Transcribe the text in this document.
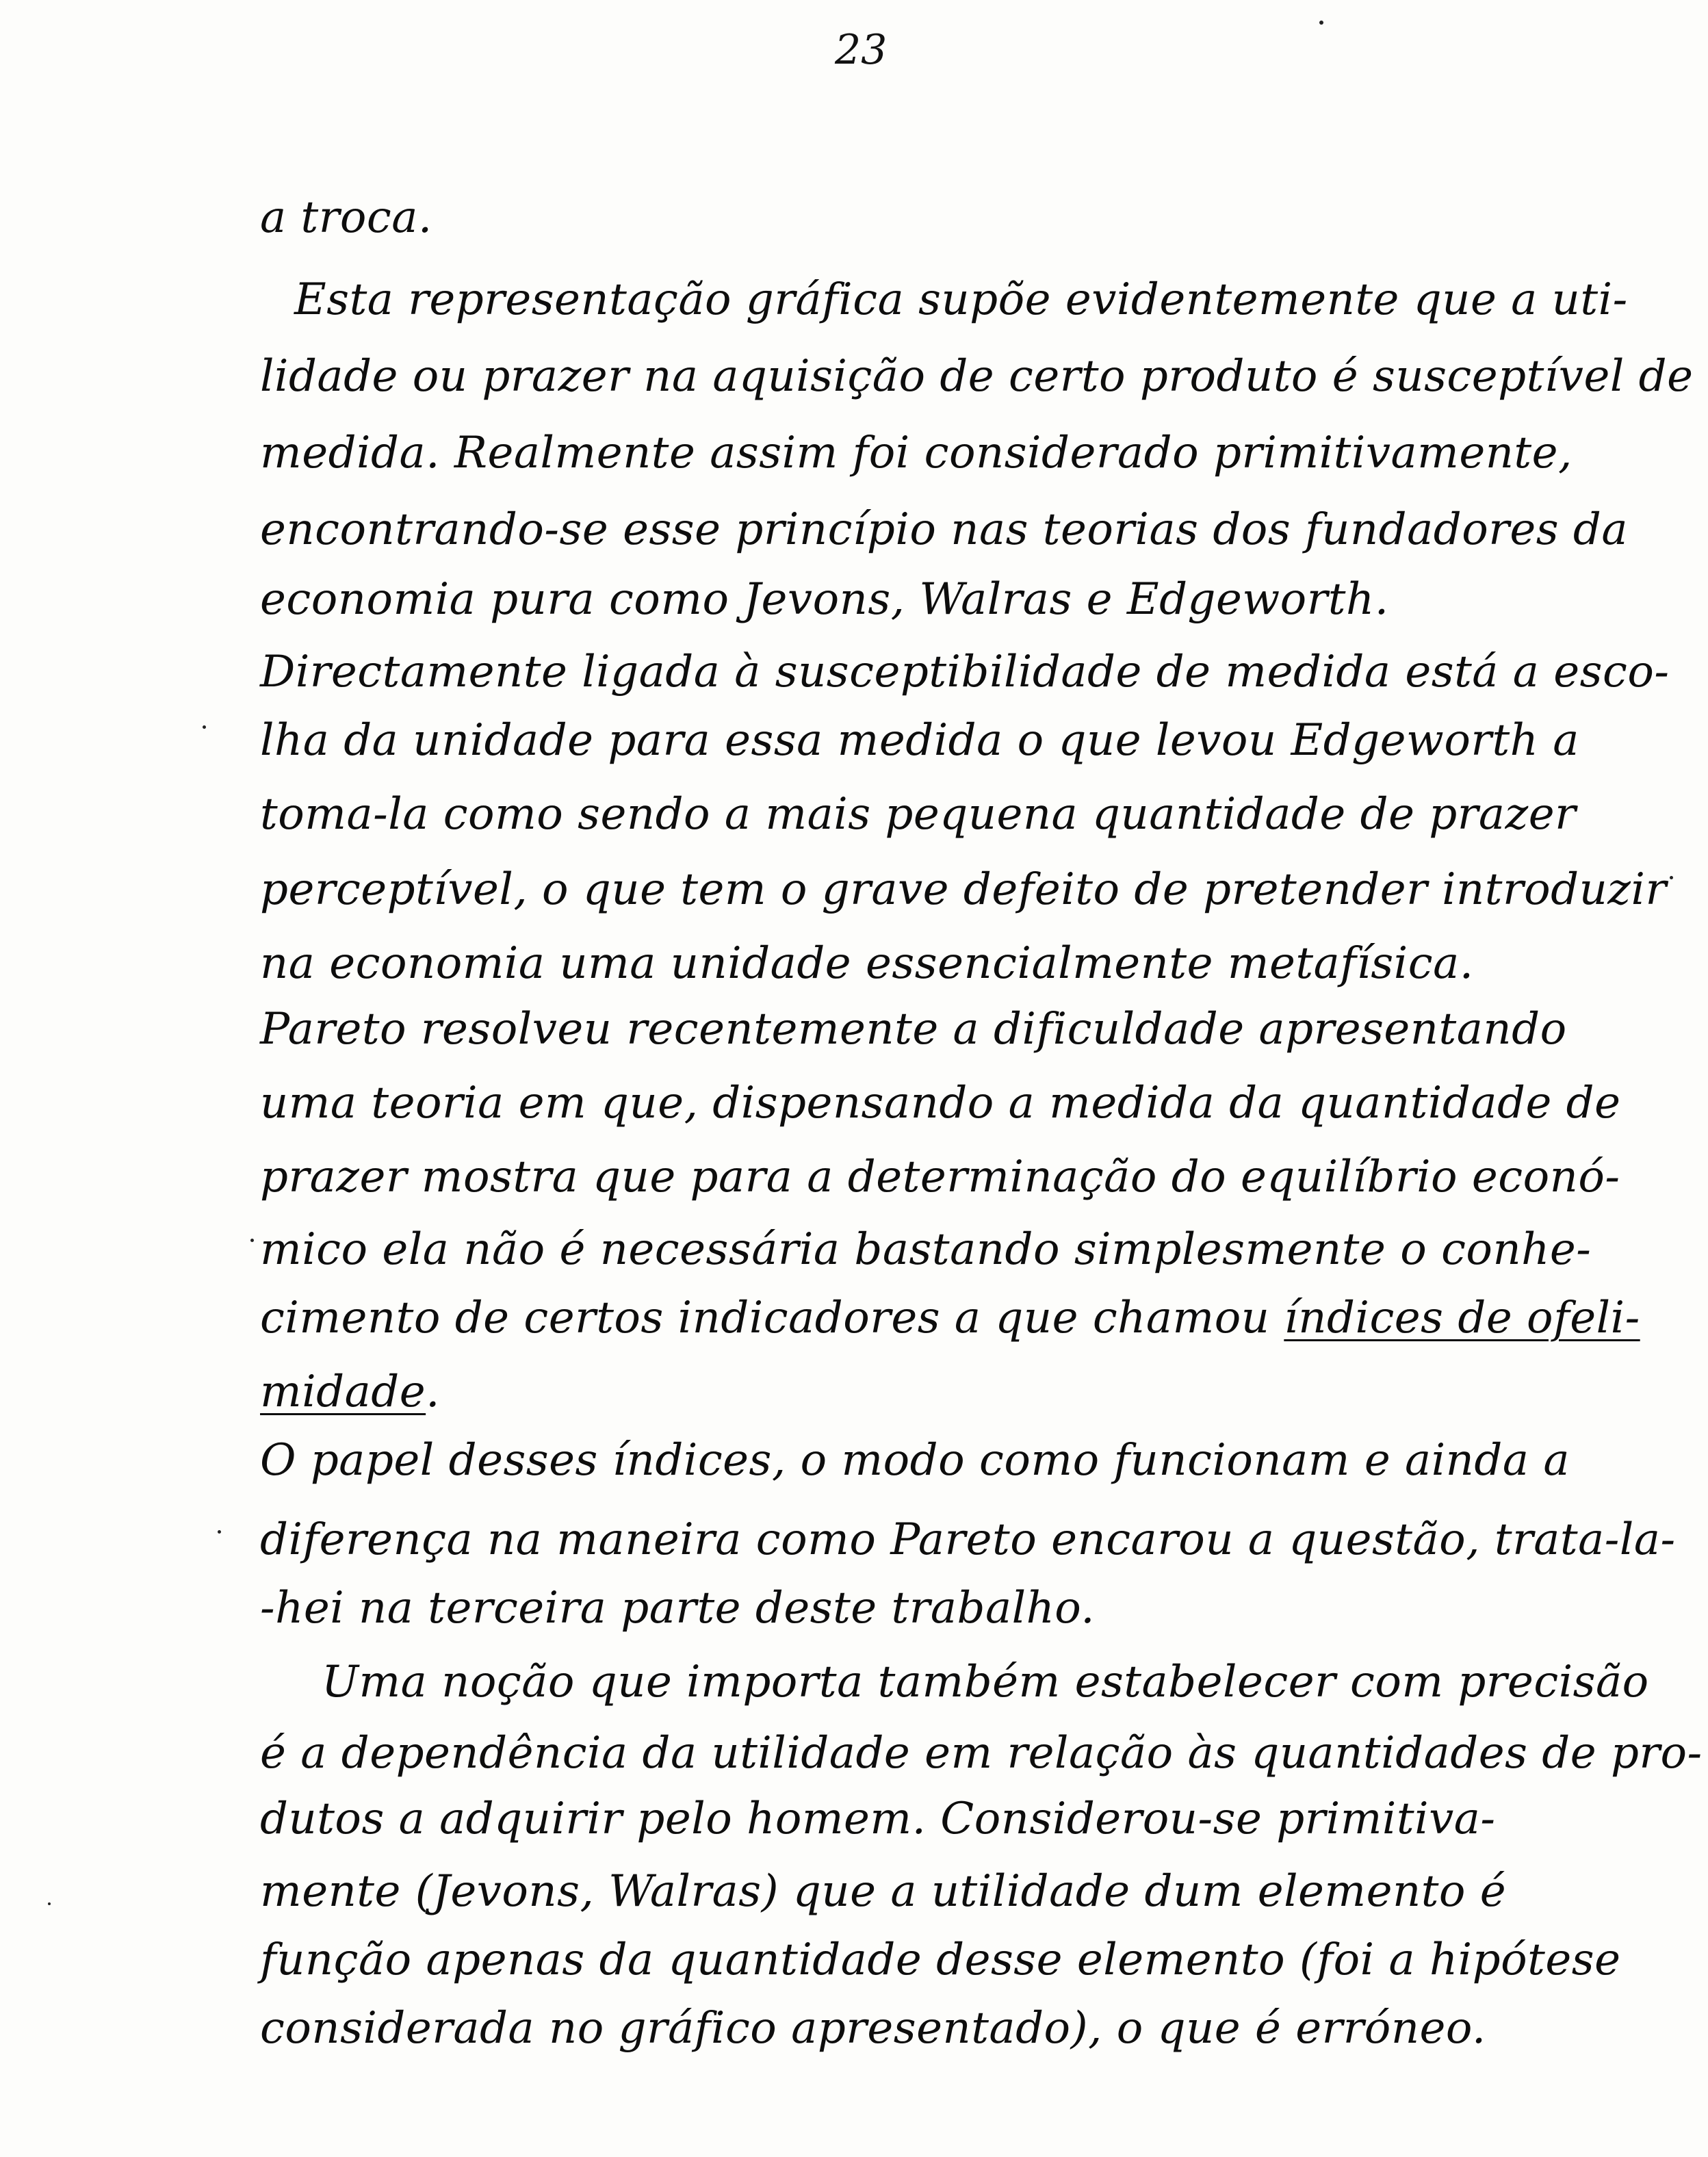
23
a troca.
Esta representação gráfica supõe evidentemente que a uti-
lidade ou prazer na aquisição de certo produto é susceptível de
medida. Realmente assim foi considerado primitivamente,
encontrando-se esse princípio nas teorias dos fundadores da
economia pura como Jevons, Walras e Edgeworth.
Directamente ligada à susceptibilidade de medida está a esco-
lha da unidade para essa medida o que levou Edgeworth a
toma-la como sendo a mais pequena quantidade de prazer
perceptível, o que tem o grave defeito de pretender introduzir
na economia uma unidade essencialmente metafísica.
Pareto resolveu recentemente a dificuldade apresentando
uma teoria em que, dispensando a medida da quantidade de
prazer mostra que para a determinação do equilíbrio econó-
mico ela não é necessária bastando simplesmente o conhe-
cimento de certos indicadores a que chamou índices de ofeli-
midade.
O papel desses índices, o modo como funcionam e ainda a
diferença na maneira como Pareto encarou a questão, trata-la-
-hei na terceira parte deste trabalho.
Uma noção que importa também estabelecer com precisão
é a dependência da utilidade em relação às quantidades de pro-
dutos a adquirir pelo homem. Considerou-se primitiva-
mente (Jevons, Walras) que a utilidade dum elemento é
função apenas da quantidade desse elemento (foi a hipótese
considerada no gráfico apresentado), o que é erróneo.
